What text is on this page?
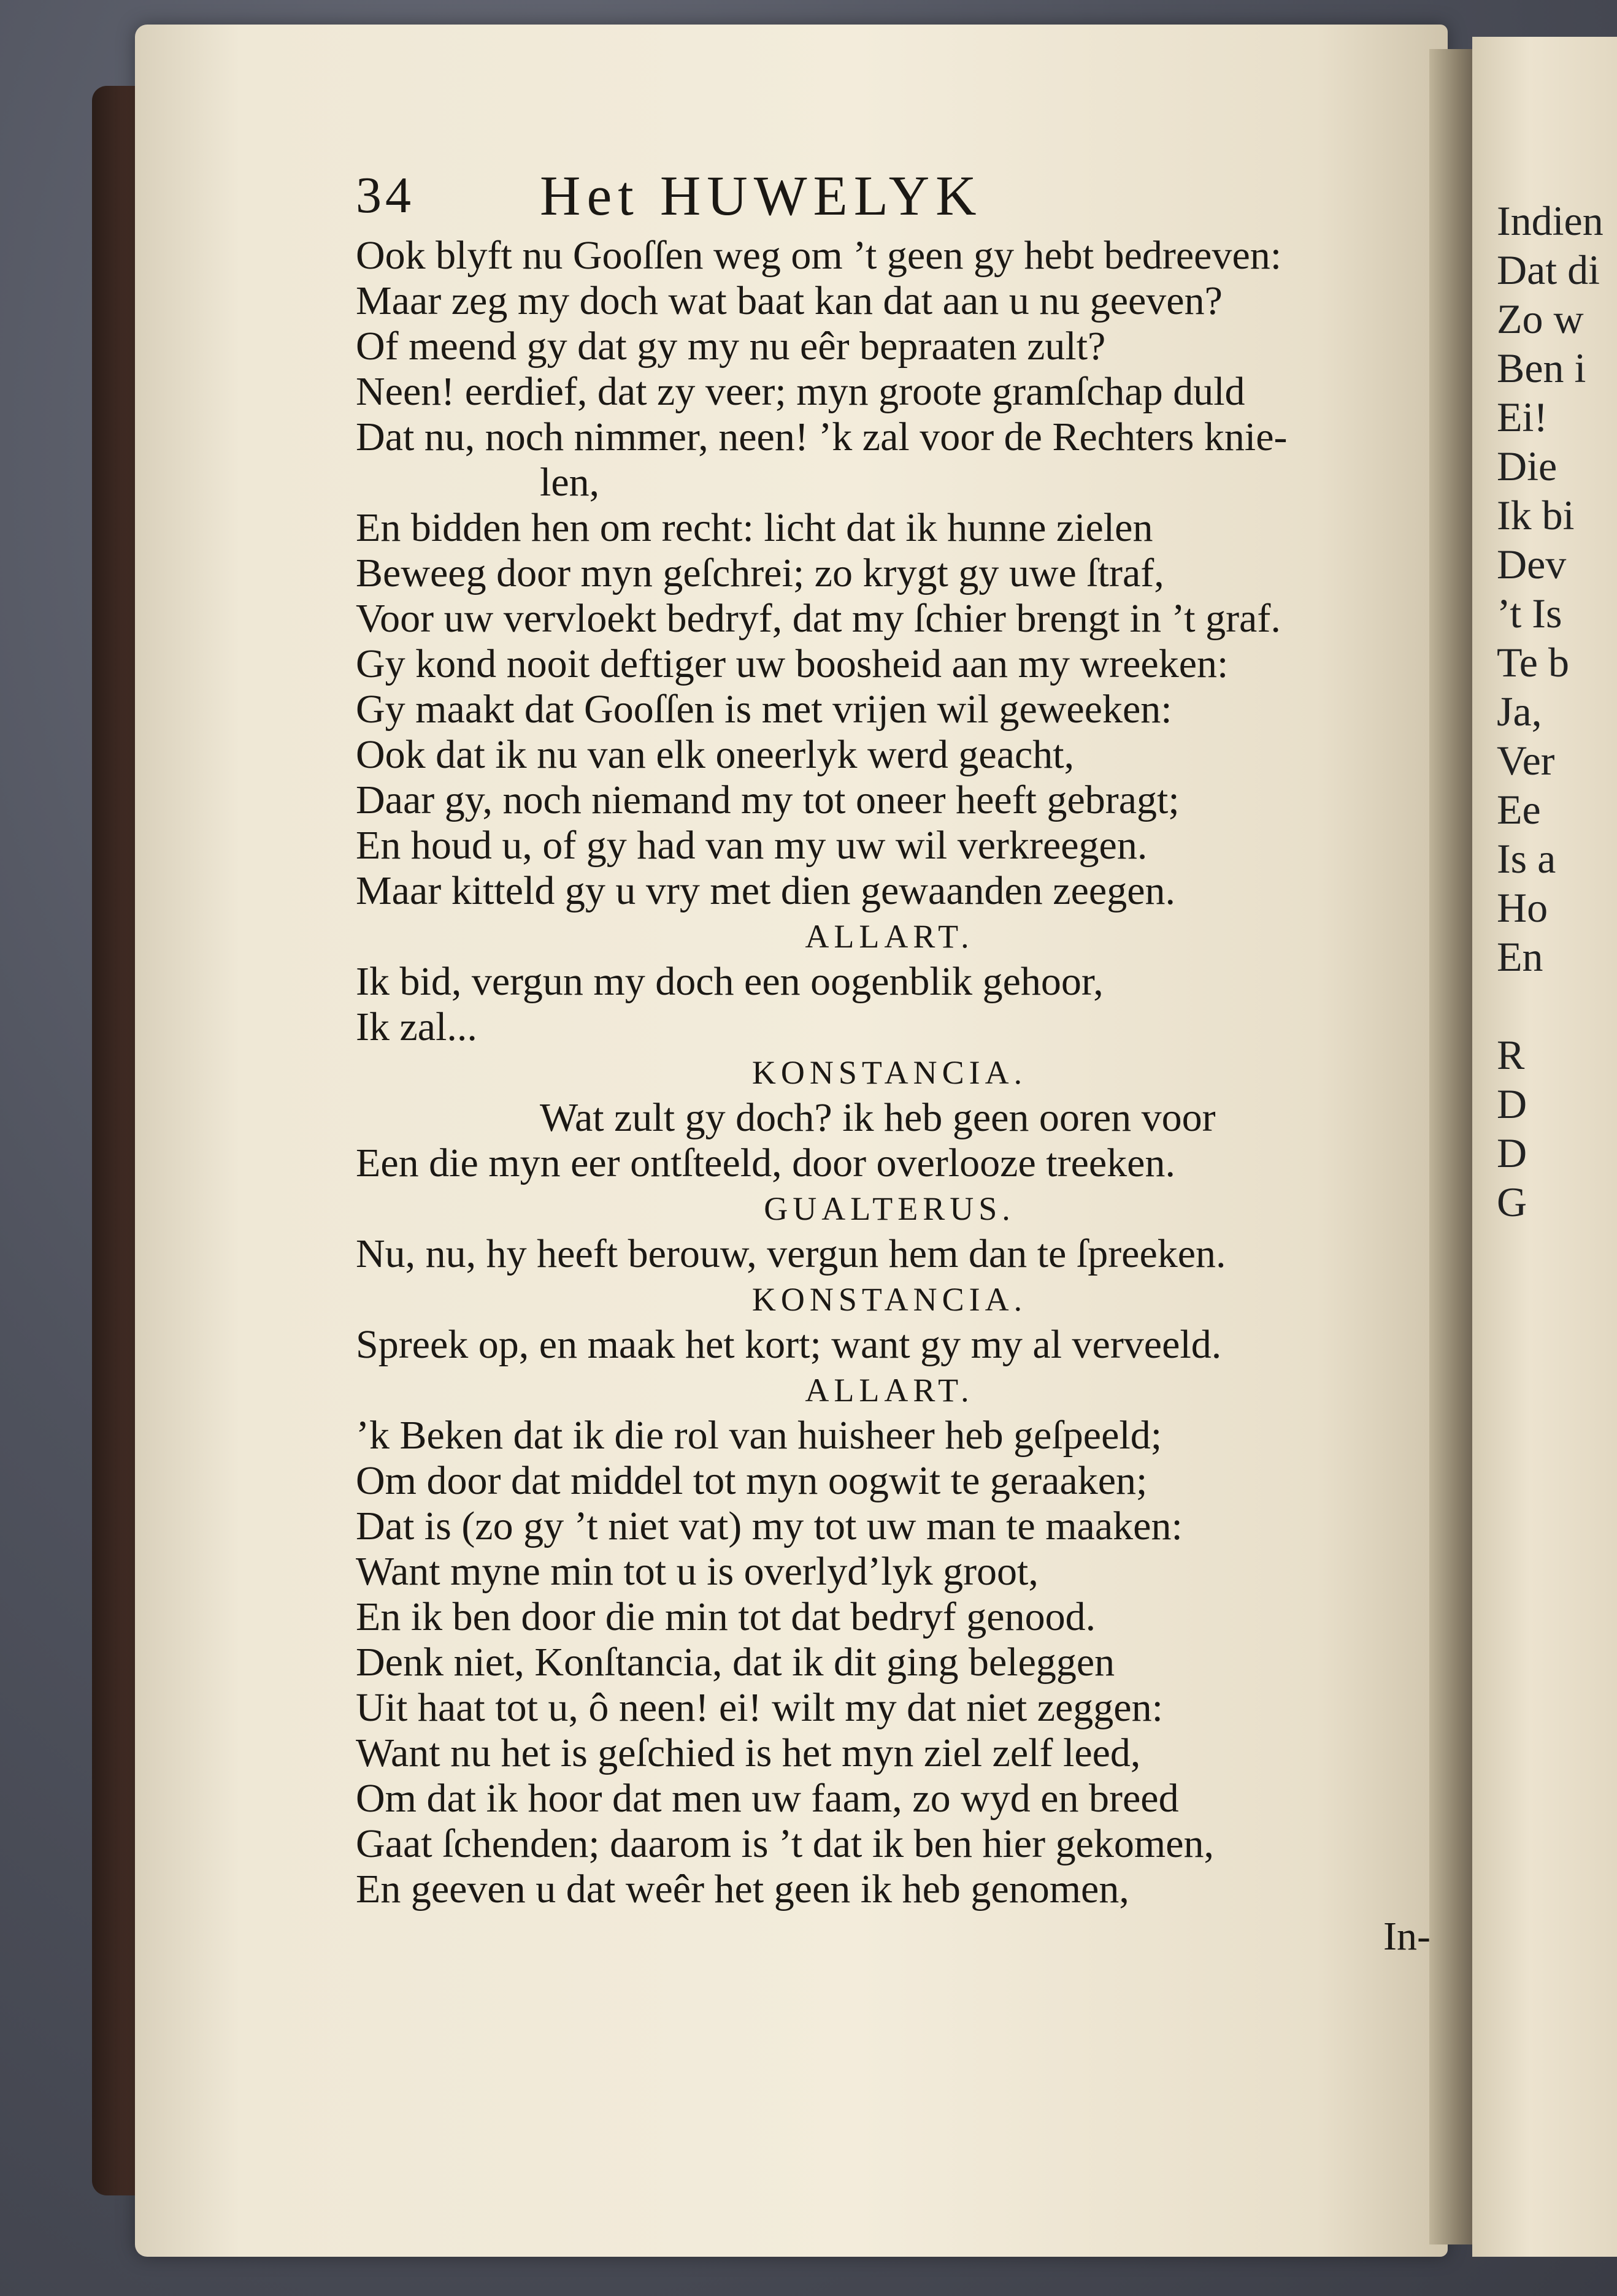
Indien
Dat di
Zo w
Ben i
Ei!
Die
Ik bi
Dev
’t Is
Te b
Ja,
Ver
Ee
Is a
Ho
En
R
D
D
G
34 Het HUWELYK
Ook blyft nu Gooſſen weg om ’t geen gy hebt bedreeven:
Maar zeg my doch wat baat kan dat aan u nu geeven?
Of meend gy dat gy my nu eêr bepraaten zult?
Neen! eerdief, dat zy veer; myn groote gramſchap duld
Dat nu, noch nimmer, neen! ’k zal voor de Rechters knie-
len,
En bidden hen om recht: licht dat ik hunne zielen
Beweeg door myn geſchrei; zo krygt gy uwe ſtraf,
Voor uw vervloekt bedryf, dat my ſchier brengt in ’t graf.
Gy kond nooit deftiger uw boosheid aan my wreeken:
Gy maakt dat Gooſſen is met vrijen wil geweeken:
Ook dat ik nu van elk oneerlyk werd geacht,
Daar gy, noch niemand my tot oneer heeft gebragt;
En houd u, of gy had van my uw wil verkreegen.
Maar kitteld gy u vry met dien gewaanden zeegen.
ALLART.
Ik bid, vergun my doch een oogenblik gehoor,
Ik zal...
KONSTANCIA.
Wat zult gy doch? ik heb geen ooren voor
Een die myn eer ontſteeld, door overlooze treeken.
GUALTERUS.
Nu, nu, hy heeft berouw, vergun hem dan te ſpreeken.
KONSTANCIA.
Spreek op, en maak het kort; want gy my al verveeld.
ALLART.
’k Beken dat ik die rol van huisheer heb geſpeeld;
Om door dat middel tot myn oogwit te geraaken;
Dat is (zo gy ’t niet vat) my tot uw man te maaken:
Want myne min tot u is overlyd’lyk groot,
En ik ben door die min tot dat bedryf genood.
Denk niet, Konſtancia, dat ik dit ging beleggen
Uit haat tot u, ô neen! ei! wilt my dat niet zeggen:
Want nu het is geſchied is het myn ziel zelf leed,
Om dat ik hoor dat men uw faam, zo wyd en breed
Gaat ſchenden; daarom is ’t dat ik ben hier gekomen,
En geeven u dat weêr het geen ik heb genomen,
In-
